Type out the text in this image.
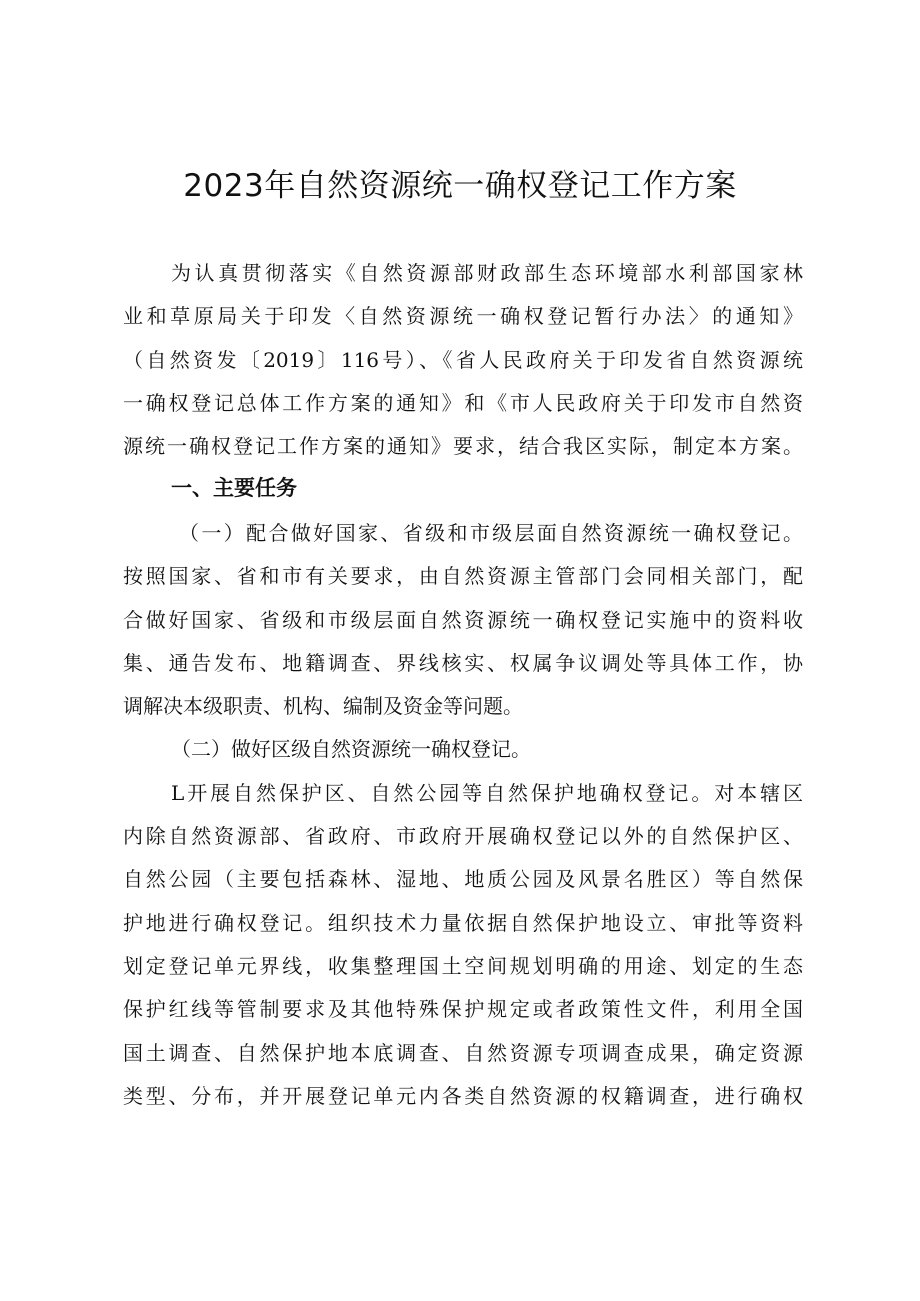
2023年自然资源统一确权登记工作方案
为认真贯彻落实《自然资源部财政部生态环境部水利部国家林
业和草原局关于印发〈自然资源统一确权登记暂行办法〉的通知》
（自然资发〔2019〕116号）、《省人民政府关于印发省自然资源统
一确权登记总体工作方案的通知》和《市人民政府关于印发市自然资
源统一确权登记工作方案的通知》要求，结合我区实际，制定本方案。
一、主要任务
（一）配合做好国家、省级和市级层面自然资源统一确权登记。
按照国家、省和市有关要求，由自然资源主管部门会同相关部门，配
合做好国家、省级和市级层面自然资源统一确权登记实施中的资料收
集、通告发布、地籍调查、界线核实、权属争议调处等具体工作，协
调解决本级职责、机构、编制及资金等问题。
（二）做好区级自然资源统一确权登记。
L开展自然保护区、自然公园等自然保护地确权登记。对本辖区
内除自然资源部、省政府、市政府开展确权登记以外的自然保护区、
自然公园（主要包括森林、湿地、地质公园及风景名胜区）等自然保
护地进行确权登记。组织技术力量依据自然保护地设立、审批等资料
划定登记单元界线，收集整理国土空间规划明确的用途、划定的生态
保护红线等管制要求及其他特殊保护规定或者政策性文件，利用全国
国土调查、自然保护地本底调查、自然资源专项调查成果，确定资源
类型、分布，并开展登记单元内各类自然资源的权籍调查，进行确权
